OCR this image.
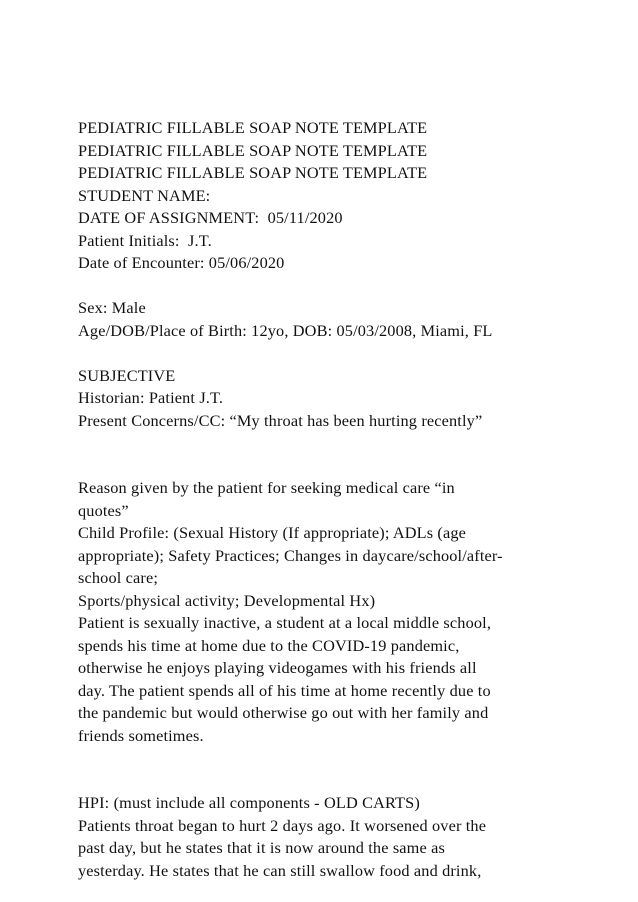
PEDIATRIC FILLABLE SOAP NOTE TEMPLATE
PEDIATRIC FILLABLE SOAP NOTE TEMPLATE
PEDIATRIC FILLABLE SOAP NOTE TEMPLATE
STUDENT NAME:
DATE OF ASSIGNMENT:  05/11/2020
Patient Initials:  J.T.
Date of Encounter: 05/06/2020
Sex: Male
Age/DOB/Place of Birth: 12yo, DOB: 05/03/2008, Miami, FL
SUBJECTIVE
Historian: Patient J.T.
Present Concerns/CC: “My throat has been hurting recently”
Reason given by the patient for seeking medical care “in
quotes”
Child Profile: (Sexual History (If appropriate); ADLs (age
appropriate); Safety Practices; Changes in daycare/school/after-
school care;
Sports/physical activity; Developmental Hx)
Patient is sexually inactive, a student at a local middle school,
spends his time at home due to the COVID-19 pandemic,
otherwise he enjoys playing videogames with his friends all
day. The patient spends all of his time at home recently due to
the pandemic but would otherwise go out with her family and
friends sometimes.
HPI: (must include all components - OLD CARTS)
Patients throat began to hurt 2 days ago. It worsened over the
past day, but he states that it is now around the same as
yesterday. He states that he can still swallow food and drink,
